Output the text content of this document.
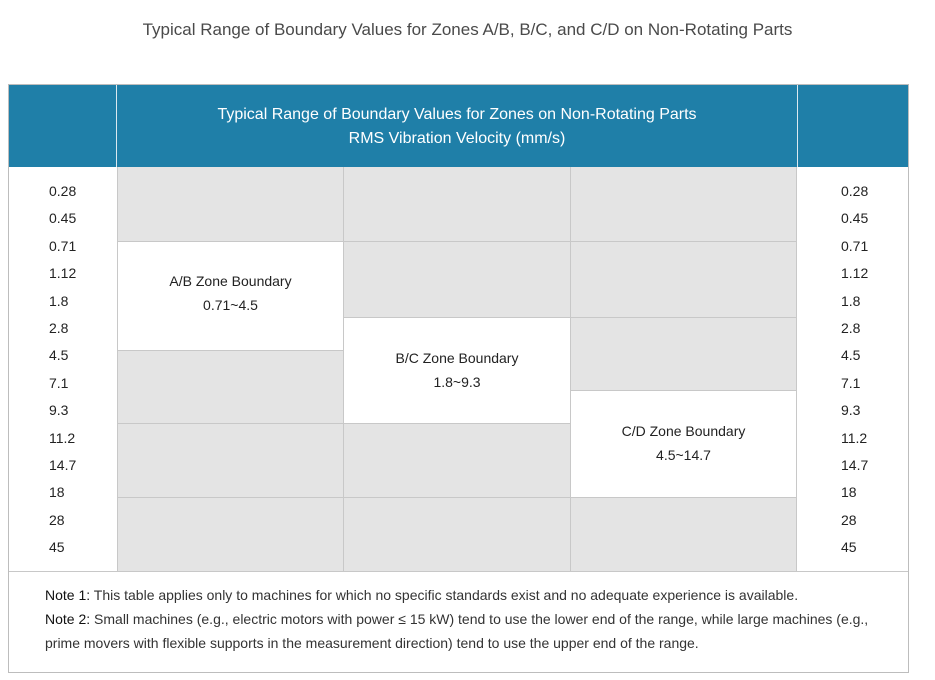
Typical Range of Boundary Values for Zones A/B, B/C, and C/D on Non-Rotating Parts
Typical Range of Boundary Values for Zones on Non-Rotating Parts
RMS Vibration Velocity (mm/s)
0.28
0.45
0.71
1.12
1.8
2.8
4.5
7.1
9.3
11.2
14.7
18
28
45
A/B Zone Boundary
0.71~4.5
B/C Zone Boundary
1.8~9.3
C/D Zone Boundary
4.5~14.7
0.28
0.45
0.71
1.12
1.8
2.8
4.5
7.1
9.3
11.2
14.7
18
28
45
Note 1: This table applies only to machines for which no specific standards exist and no adequate experience is available.
Note 2: Small machines (e.g., electric motors with power ≤ 15 kW) tend to use the lower end of the range, while large machines (e.g., prime movers with flexible supports in the measurement direction) tend to use the upper end of the range.
